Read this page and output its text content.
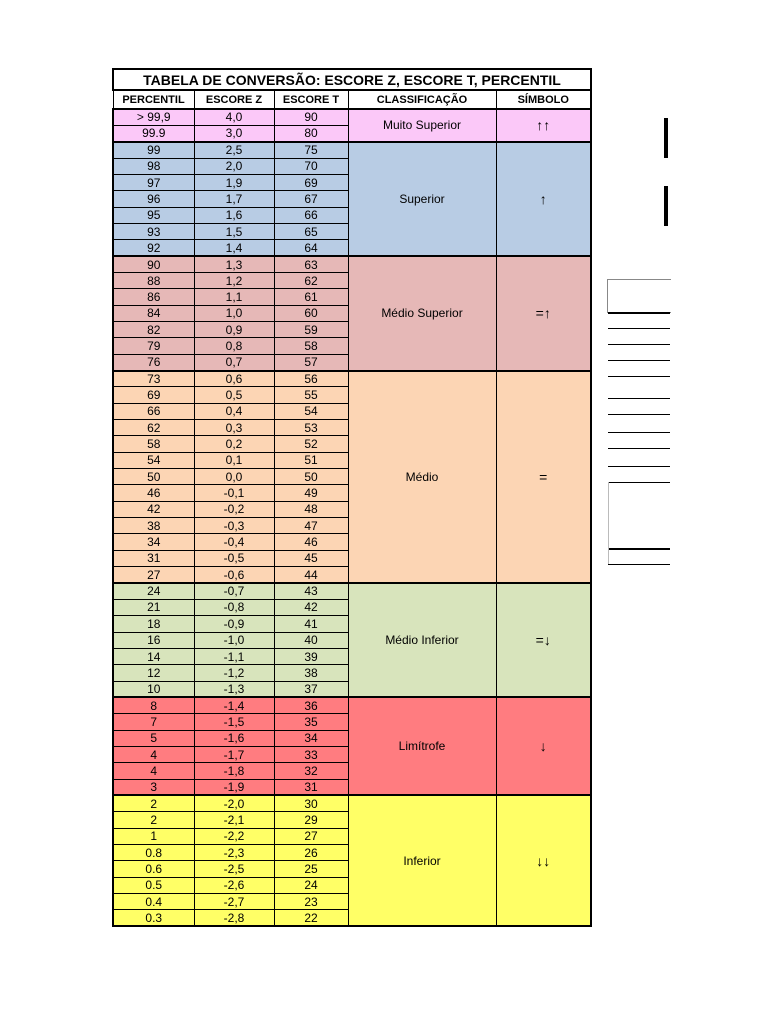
TABELA DE CONVERSÃO: ESCORE Z, ESCORE T, PERCENTIL				
PERCENTIL	ESCORE Z	ESCORE T	CLASSIFICAÇÃO	SÍMBOLO
> 99,9	4,0	90	Muito Superior	↑↑
99.9	3,0	80		
99	2,5	75	Superior	↑
98	2,0	70		
97	1,9	69		
96	1,7	67		
95	1,6	66		
93	1,5	65		
92	1,4	64		
90	1,3	63	Médio Superior	=↑
88	1,2	62		
86	1,1	61		
84	1,0	60		
82	0,9	59		
79	0,8	58		
76	0,7	57		
73	0,6	56	Médio	=
69	0,5	55		
66	0,4	54		
62	0,3	53		
58	0,2	52		
54	0,1	51		
50	0,0	50		
46	-0,1	49		
42	-0,2	48		
38	-0,3	47		
34	-0,4	46		
31	-0,5	45		
27	-0,6	44		
24	-0,7	43	Médio Inferior	=↓
21	-0,8	42		
18	-0,9	41		
16	-1,0	40		
14	-1,1	39		
12	-1,2	38		
10	-1,3	37		
8	-1,4	36	Limítrofe	↓
7	-1,5	35		
5	-1,6	34		
4	-1,7	33		
4	-1,8	32		
3	-1,9	31		
2	-2,0	30	Inferior	↓↓
2	-2,1	29		
1	-2,2	27		
0.8	-2,3	26		
0.6	-2,5	25		
0.5	-2,6	24		
0.4	-2,7	23		
0.3	-2,8	22		
